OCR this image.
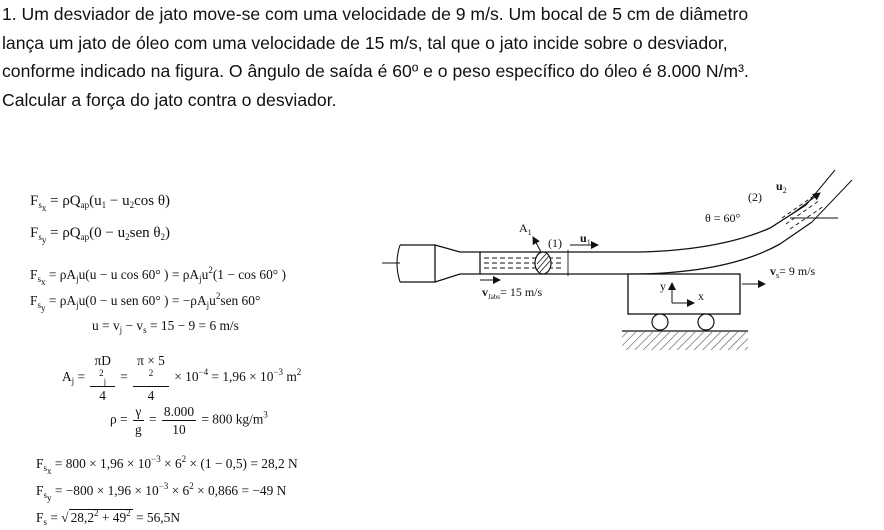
1. Um desviador de jato move-se com uma velocidade de 9 m/s. Um bocal de 5 cm de diâmetro

lança um jato de óleo com uma velocidade de 15 m/s, tal que o jato incide sobre o desviador,

conforme indicado na figura. O ângulo de saída é 60º e o peso específico do óleo é 8.000 N/m³.

Calcular a força do jato contra o desviador.

$F_{s_x} = \rho Q_{ap}(u_1 - u_2\cos$ θ)
$F_{s_y} = \rho Q_{ap}(0 - u_2sen$ $\theta_2$)
$F_{s_x} = \rho A_ju(u - u$ cos 60° ) = $\rho A_ju^2(1 - \cos 60^\circ$ )
$F_{s_y} = \rho A_ju(0 - u$ sen 60° ) = $-\rho A_ju^2sen$ 60°
$u = v_j - v_s = 15 - 9 = 6$ m/s
$A_j = \pi D$
$^2_j$
4 = π × 5
$^2$
$4 \times 10^{-4} = 1,96 \times 10^{-3}$ $m^2$
$\rho = \frac{\gamma}{g} = \frac{8.000}{10} = 800$ $kg/m^3$
$F_{s_x} = 800 \times 1,96 \times 10^{-3} \times 6^2 \times (1 - 0,5) = 28,2$ N
$F_{s_y} = -800 \times 1,96 \times 10^{-3} \times 6^2 \times 0,866 = -49$ N
$F_s$ = √ $28,2^2 + 49^2 = 56,5N$
$A_1$
(1) $u_1$
$v_{Jabs}= 15$ m/s
θ = 60°
(2)
$u_2$
$v_s= 9$ m/s
y
x
